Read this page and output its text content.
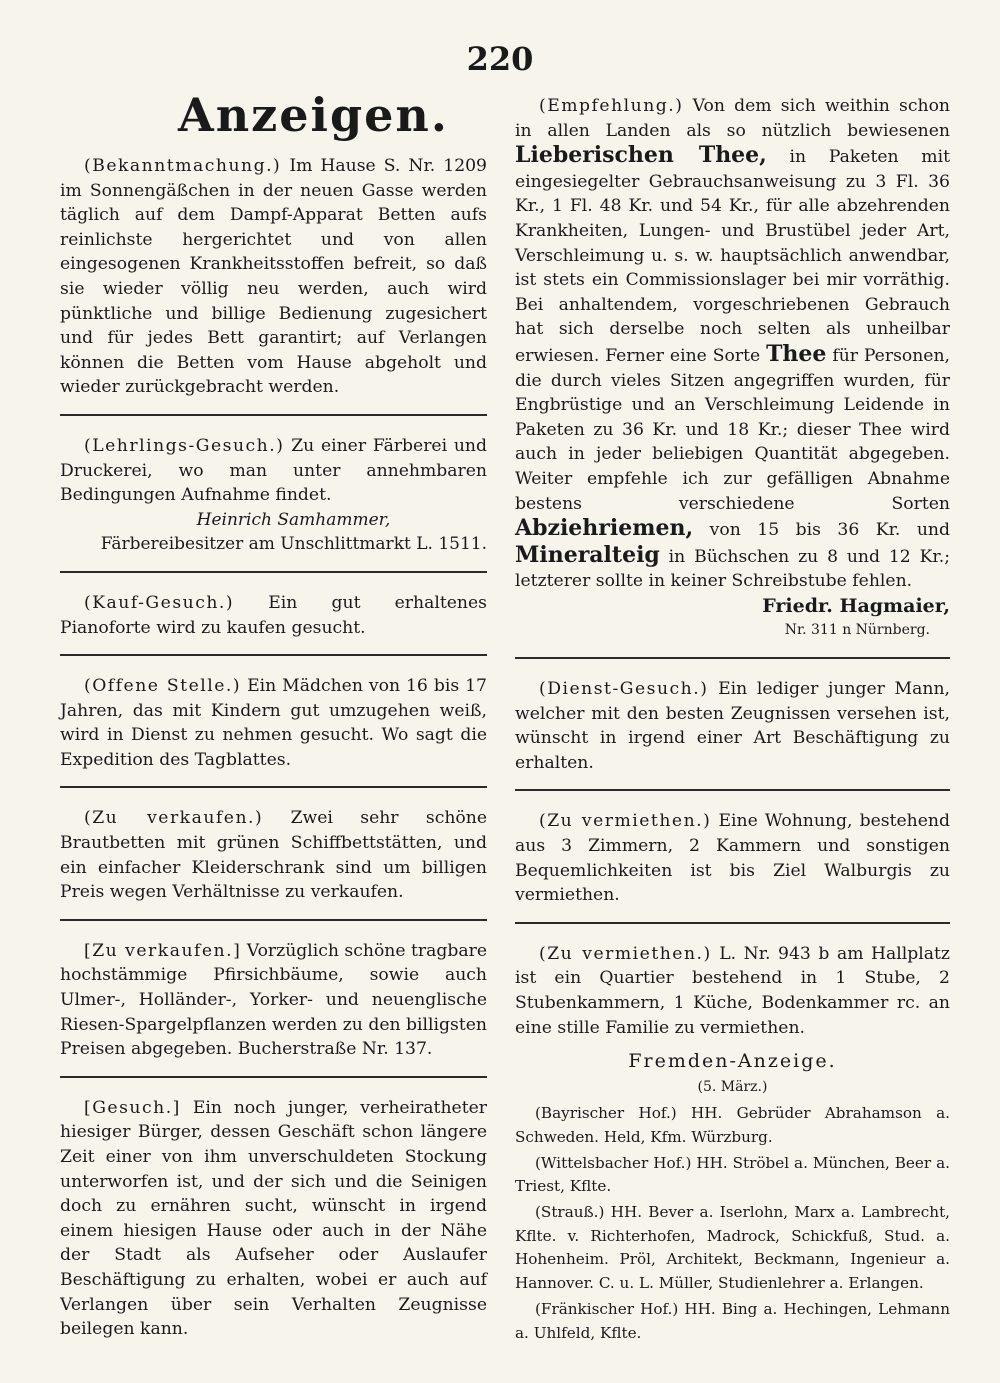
220
Anzeigen.
(Bekanntmachung.) Im Hause S. Nr. 1209 im Sonnengäßchen in der neuen Gasse werden täglich auf dem Dampf-Apparat Betten aufs reinlichste hergerichtet und von allen eingesogenen Krankheitsstoffen befreit, so daß sie wieder völlig neu werden, auch wird pünktliche und billige Bedienung zugesichert und für jedes Bett garantirt; auf Verlangen können die Betten vom Hause abgeholt und wieder zurückgebracht werden.
(Lehrlings-Gesuch.) Zu einer Färberei und Druckerei, wo man unter annehmbaren Bedingungen Aufnahme findet.
Heinrich Samhammer,
Färbereibesitzer am Unschlittmarkt L. 1511.
(Kauf-Gesuch.) Ein gut erhaltenes Pianoforte wird zu kaufen gesucht.
(Offene Stelle.) Ein Mädchen von 16 bis 17 Jahren, das mit Kindern gut umzugehen weiß, wird in Dienst zu nehmen gesucht. Wo sagt die Expedition des Tagblattes.
(Zu verkaufen.) Zwei sehr schöne Brautbetten mit grünen Schiffbettstätten, und ein einfacher Kleiderschrank sind um billigen Preis wegen Verhältnisse zu verkaufen.
[Zu verkaufen.] Vorzüglich schöne tragbare hochstämmige Pfirsichbäume, sowie auch Ulmer-, Holländer-, Yorker- und neuenglische Riesen-Spargelpflanzen werden zu den billigsten Preisen abgegeben. Bucherstraße Nr. 137.
[Gesuch.] Ein noch junger, verheiratheter hiesiger Bürger, dessen Geschäft schon längere Zeit einer von ihm unverschuldeten Stockung unterworfen ist, und der sich und die Seinigen doch zu ernähren sucht, wünscht in irgend einem hiesigen Hause oder auch in der Nähe der Stadt als Aufseher oder Auslaufer Beschäftigung zu erhalten, wobei er auch auf Verlangen über sein Verhalten Zeugnisse beilegen kann.
(Empfehlung.) Von dem sich weithin schon in allen Landen als so nützlich bewiesenen Lieberischen Thee, in Paketen mit eingesiegelter Gebrauchsanweisung zu 3 Fl. 36 Kr., 1 Fl. 48 Kr. und 54 Kr., für alle abzehrenden Krankheiten, Lungen- und Brustübel jeder Art, Verschleimung u. s. w. hauptsächlich anwendbar, ist stets ein Commissionslager bei mir vorräthig. Bei anhaltendem, vorgeschriebenen Gebrauch hat sich derselbe noch selten als unheilbar erwiesen. Ferner eine Sorte Thee für Personen, die durch vieles Sitzen angegriffen wurden, für Engbrüstige und an Verschleimung Leidende in Paketen zu 36 Kr. und 18 Kr.; dieser Thee wird auch in jeder beliebigen Quantität abgegeben. Weiter empfehle ich zur gefälligen Abnahme bestens verschiedene Sorten Abziehriemen, von 15 bis 36 Kr. und Mineralteig in Büchschen zu 8 und 12 Kr.; letzterer sollte in keiner Schreibstube fehlen.
Friedr. Hagmaier,
Nr. 311 n Nürnberg.
(Dienst-Gesuch.) Ein lediger junger Mann, welcher mit den besten Zeugnissen versehen ist, wünscht in irgend einer Art Beschäftigung zu erhalten.
(Zu vermiethen.) Eine Wohnung, bestehend aus 3 Zimmern, 2 Kammern und sonstigen Bequemlichkeiten ist bis Ziel Walburgis zu vermiethen.
(Zu vermiethen.) L. Nr. 943 b am Hallplatz ist ein Quartier bestehend in 1 Stube, 2 Stubenkammern, 1 Küche, Bodenkammer rc. an eine stille Familie zu vermiethen.
Fremden-Anzeige.
(5. März.)
(Bayrischer Hof.) HH. Gebrüder Abrahamson a. Schweden. Held, Kfm. Würzburg.
(Wittelsbacher Hof.) HH. Ströbel a. München, Beer a. Triest, Kflte.
(Strauß.) HH. Bever a. Iserlohn, Marx a. Lambrecht, Kflte. v. Richterhofen, Madrock, Schickfuß, Stud. a. Hohenheim. Pröl, Architekt, Beckmann, Ingenieur a. Hannover. C. u. L. Müller, Studienlehrer a. Erlangen.
(Fränkischer Hof.) HH. Bing a. Hechingen, Lehmann a. Uhlfeld, Kflte.
